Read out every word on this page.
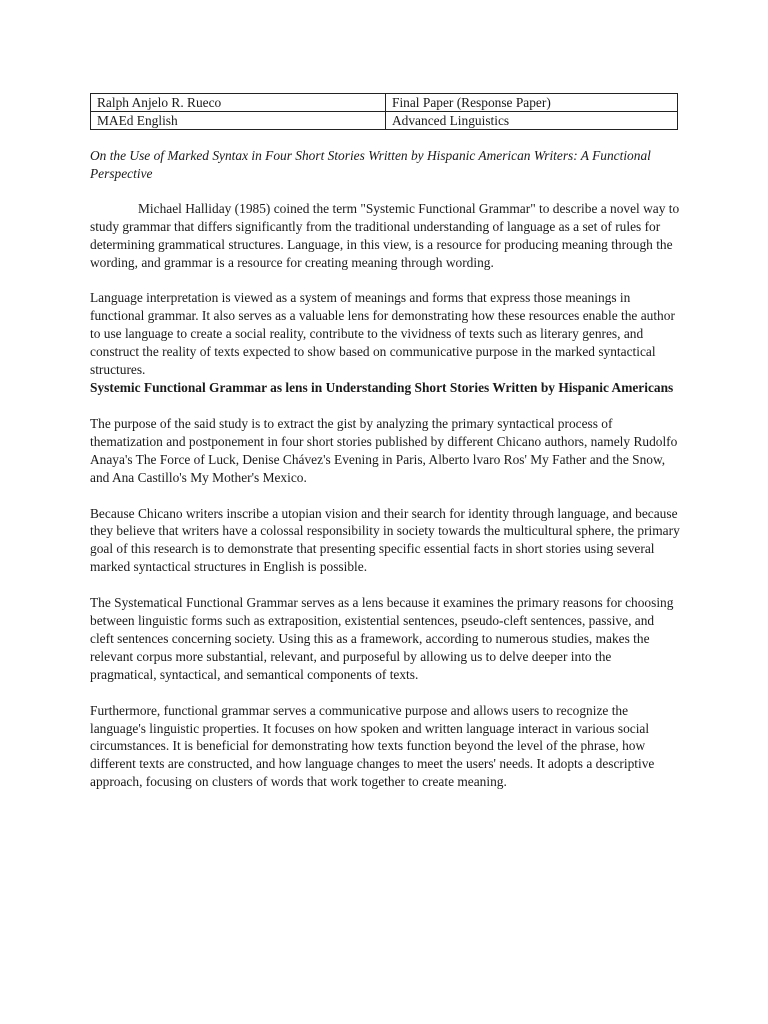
Ralph Anjelo R. Rueco	Final Paper (Response Paper)
MAEd English	Advanced Linguistics

On the Use of Marked Syntax in Four Short Stories Written by Hispanic American Writers: A Functional Perspective

Michael Halliday (1985) coined the term "Systemic Functional Grammar" to describe a novel way to study grammar that differs significantly from the traditional understanding of language as a set of rules for determining grammatical structures. Language, in this view, is a resource for producing meaning through the wording, and grammar is a resource for creating meaning through wording.

Language interpretation is viewed as a system of meanings and forms that express those meanings in functional grammar. It also serves as a valuable lens for demonstrating how these resources enable the author to use language to create a social reality, contribute to the vividness of texts such as literary genres, and construct the reality of texts expected to show based on communicative purpose in the marked syntactical structures.

Systemic Functional Grammar as lens in Understanding Short Stories Written by Hispanic Americans

The purpose of the said study is to extract the gist by analyzing the primary syntactical process of thematization and postponement in four short stories published by different Chicano authors, namely Rudolfo Anaya's The Force of Luck, Denise Chávez's Evening in Paris, Alberto lvaro Ros' My Father and the Snow, and Ana Castillo's My Mother's Mexico.

Because Chicano writers inscribe a utopian vision and their search for identity through language, and because they believe that writers have a colossal responsibility in society towards the multicultural sphere, the primary goal of this research is to demonstrate that presenting specific essential facts in short stories using several marked syntactical structures in English is possible.

The Systematical Functional Grammar serves as a lens because it examines the primary reasons for choosing between linguistic forms such as extraposition, existential sentences, pseudo-cleft sentences, passive, and cleft sentences concerning society. Using this as a framework, according to numerous studies, makes the relevant corpus more substantial, relevant, and purposeful by allowing us to delve deeper into the pragmatical, syntactical, and semantical components of texts.

Furthermore, functional grammar serves a communicative purpose and allows users to recognize the language's linguistic properties. It focuses on how spoken and written language interact in various social circumstances. It is beneficial for demonstrating how texts function beyond the level of the phrase, how different texts are constructed, and how language changes to meet the users' needs. It adopts a descriptive approach, focusing on clusters of words that work together to create meaning.
